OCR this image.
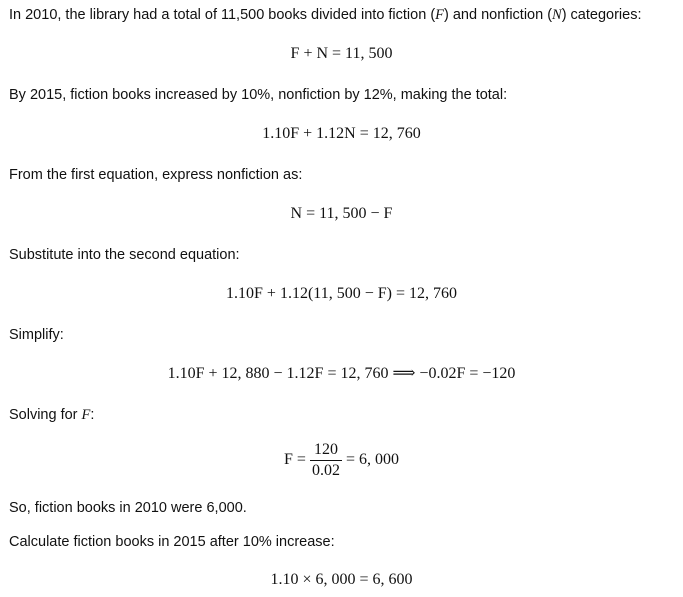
In 2010, the library had a total of 11,500 books divided into fiction (F) and nonfiction (N) categories:
F + N = 11, 500
By 2015, fiction books increased by 10%, nonfiction by 12%, making the total:
1.10F + 1.12N = 12, 760
From the first equation, express nonfiction as:
N = 11, 500 − F
Substitute into the second equation:
1.10F + 1.12(11, 500 − F) = 12, 760
Simplify:
1.10F + 12, 880 − 1.12F = 12, 760 ⟹ −0.02F = −120
Solving for F:
$F = \frac{120}{0.02} = 6$, 000
So, fiction books in 2010 were 6,000.
Calculate fiction books in 2015 after 10% increase:
1.10 × 6, 000 = 6, 600
